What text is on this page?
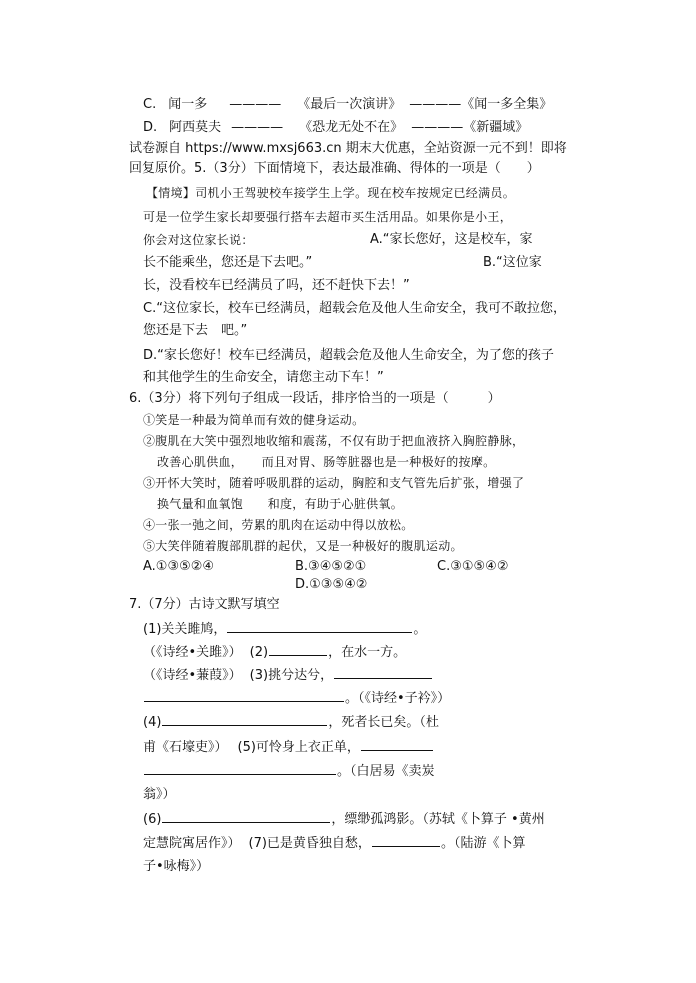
C. 闻一多 ———— 《最后一次演讲》 ————《闻一多全集》
D. 阿西莫夫 ———— 《恐龙无处不在》 ————《新疆域》
试卷源自 https://www.mxsj663.cn 期末大优惠，全站资源一元不到！即将
回复原价。5.（3分）下面情境下，表达最准确、得体的一项是（　　）
【情境】司机小王驾驶校车接学生上学。现在校车按规定已经满员。
可是一位学生家长却要强行搭车去超市买生活用品。如果你是小王，
你会对这位家长说：	A.“家长您好，这是校车，家
长不能乘坐，您还是下去吧。”	B.“这位家
长，没看校车已经满员了吗，还不赶快下去！”
C.“这位家长，校车已经满员，超载会危及他人生命安全，我可不敢拉您，
您还是下去　吧。”
D.“家长您好！校车已经满员，超载会危及他人生命安全，为了您的孩子
和其他学生的生命安全，请您主动下车！”
6.（3分）将下列句子组成一段话，排序恰当的一项是（　　　）
①笑是一种最为简单而有效的健身运动。
②腹肌在大笑中强烈地收缩和震荡，不仅有助于把血液挤入胸腔静脉，
改善心肌供血，　　而且对胃、肠等脏器也是一种极好的按摩。
③开怀大笑时，随着呼吸肌群的运动，胸腔和支气管先后扩张，增强了
换气量和血氧饱　　和度，有助于心脏供氧。
④一张一弛之间，劳累的肌肉在运动中得以放松。
⑤大笑伴随着腹部肌群的起伏，又是一种极好的腹肌运动。
A.①③⑤②④	B.③④⑤②①	C.③①⑤④②
D.①③⑤④②
7.（7分）古诗文默写填空
(1)关关雎鸠，	。
（《诗经•关雎》） (2)	，在水一方。
（《诗经•蒹葭》） (3)挑兮达兮，
。（《诗经•子衿》）
(4)	，死者长已矣。（杜
甫《石壕吏》） (5)可怜身上衣正单，
。（白居易《卖炭
翁》）
(6)	，缥缈孤鸿影。（苏轼《卜算子 •黄州
定慧院寓居作》） (7)已是黄昏独自愁，	。（陆游《卜算
子•咏梅》）
